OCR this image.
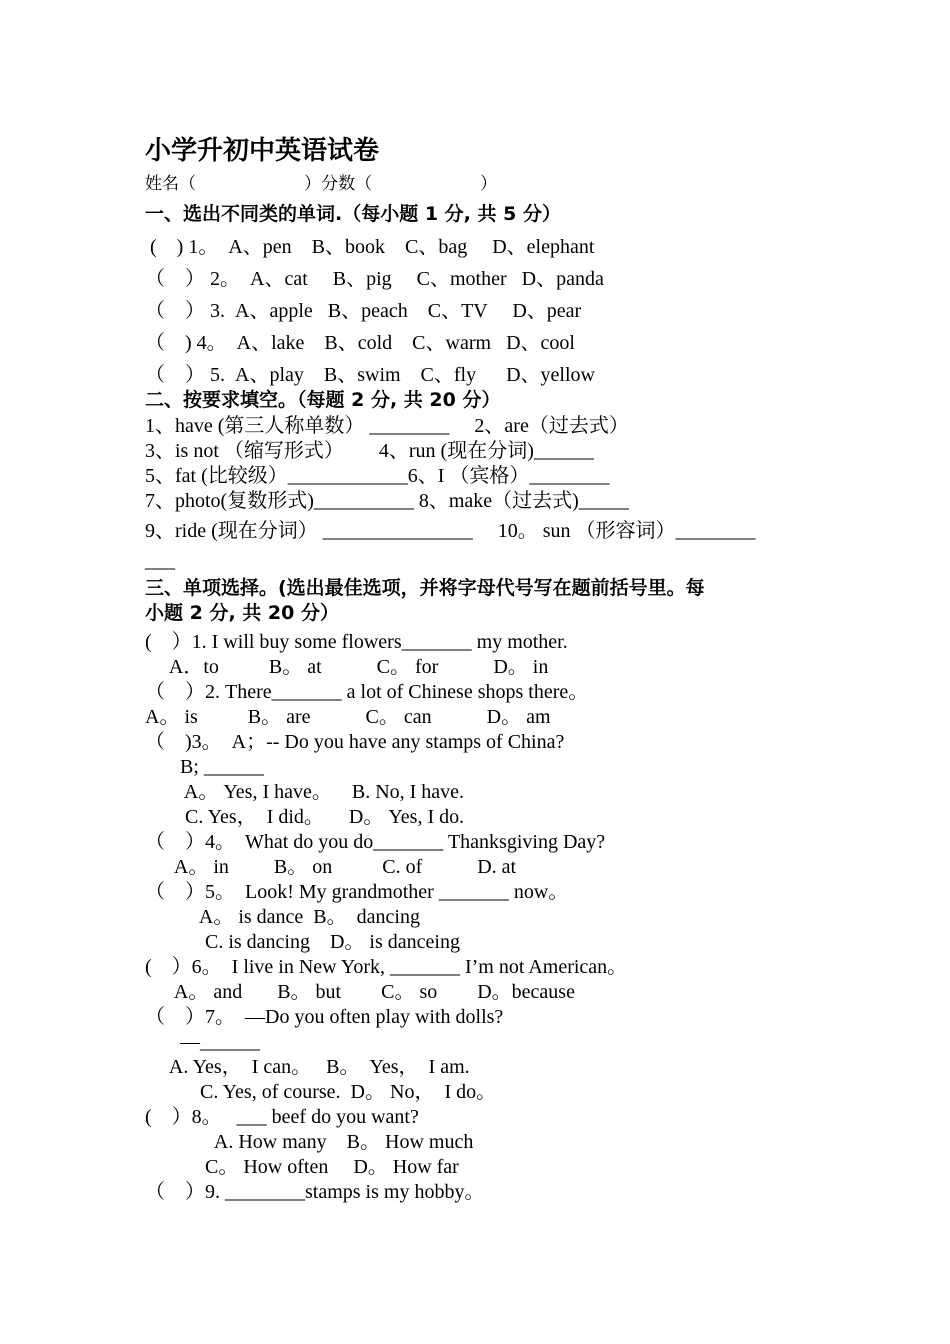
小学升初中英语试卷
姓名（                    ）分数（                    ）
一、选出不同类的单词.（每小题 1 分, 共 5 分）
(    ) 1。  A、pen    B、book    C、bag     D、elephant
（    ） 2。  A、cat     B、pig     C、mother   D、panda
（    ） 3.  A、apple   B、peach    C、TV     D、pear
（    ) 4。  A、lake    B、cold    C、warm   D、cool
（    ） 5.  A、play    B、swim    C、fly      D、yellow
二、按要求填空。（每题 2 分, 共 20 分）
1、have (第三人称单数） ________     2、are（过去式）
3、is not （缩写形式）       4、run (现在分词)______
5、fat (比较级）____________6、I （宾格）________
7、photo(复数形式)__________ 8、make（过去式)_____
9、ride (现在分词） _______________     10。 sun （形容词）________
___
三、单项选择。(选出最佳选项，并将字母代号写在题前括号里。每
小题 2 分, 共 20 分）
(    ）1. I will buy some flowers_______ my mother.
A．to          B。 at           C。 for           D。 in
（    ）2. There_______ a lot of Chinese shops there。
A。 is          B。 are           C。 can           D。 am
（    )3。  A；-- Do you have any stamps of China?
B; ______
A。 Yes, I have。    B. No, I have.
C. Yes，  I did。     D。 Yes, I do.
（    ）4。  What do you do_______ Thanksgiving Day?
A。 in         B。 on          C. of           D. at
（    ）5。  Look! My grandmother _______ now。
A。 is dance  B。  dancing
C. is dancing    D。 is danceing
(    ）6。  I live in New York, _______ I’m not American。
A。 and       B。 but        C。 so        D。because
（    ）7。  —Do you often play with dolls?
—______
A. Yes，  I can。   B。  Yes，  I am.
C. Yes, of course.  D。 No，  I do。
(    ）8。   ___ beef do you want?
A. How many    B。 How much
C。 How often     D。 How far
（    ）9. ________stamps is my hobby。
